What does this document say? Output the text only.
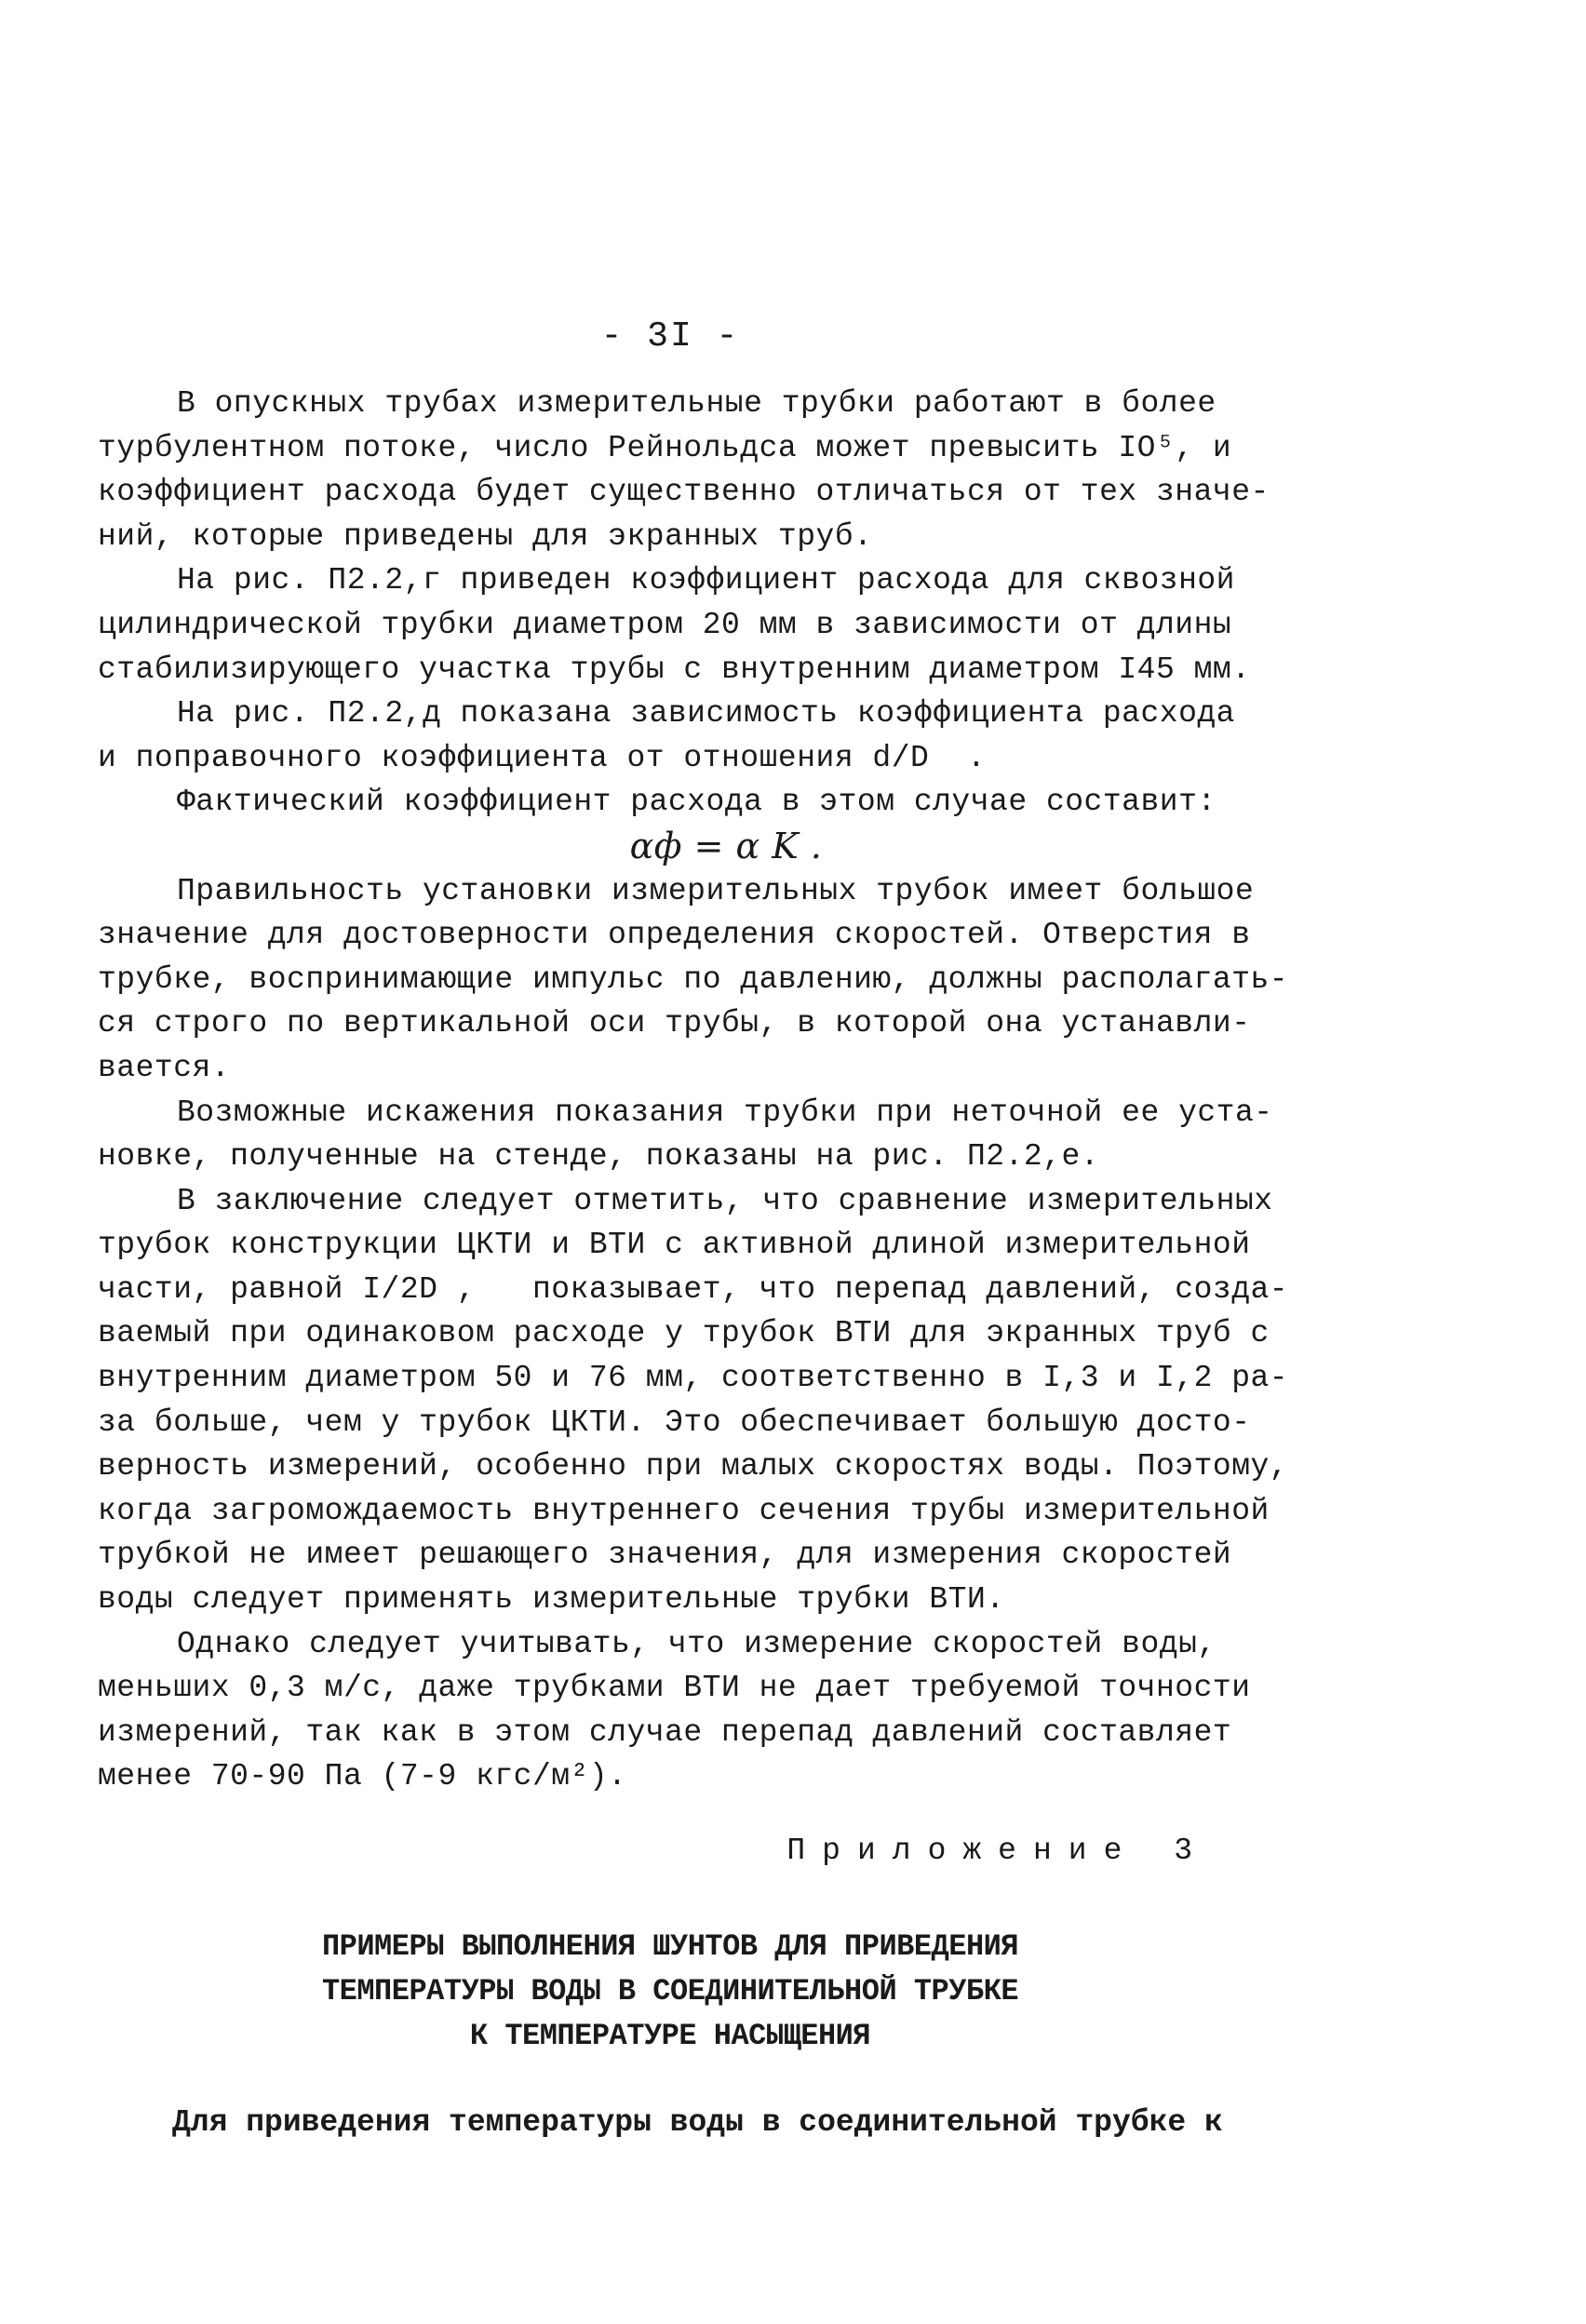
- 3I -
В опускных трубах измерительные трубки работают в более
турбулентном потоке, число Рейнольдса может превысить IO⁵, и
коэффициент расхода будет существенно отличаться от тех значе-
ний, которые приведены для экранных труб.
На рис. П2.2,г приведен коэффициент расхода для сквозной
цилиндрической трубки диаметром 20 мм в зависимости от длины
стабилизирующего участка трубы с внутренним диаметром I45 мм.
На рис. П2.2,д показана зависимость коэффициента расхода
и поправочного коэффициента от отношения d/D  .
Фактический коэффициент расхода в этом случае составит:
αф = α K .
Правильность установки измерительных трубок имеет большое
значение для достоверности определения скоростей. Отверстия в
трубке, воспринимающие импульс по давлению, должны располагать-
ся строго по вертикальной оси трубы, в которой она устанавли-
вается.
Возможные искажения показания трубки при неточной ее уста-
новке, полученные на стенде, показаны на рис. П2.2,е.
В заключение следует отметить, что сравнение измерительных
трубок конструкции ЦКТИ и ВТИ с активной длиной измерительной
части, равной I/2D ,   показывает, что перепад давлений, созда-
ваемый при одинаковом расходе у трубок ВТИ для экранных труб с
внутренним диаметром 50 и 76 мм, соответственно в I,3 и I,2 ра-
за больше, чем у трубок ЦКТИ. Это обеспечивает большую досто-
верность измерений, особенно при малых скоростях воды. Поэтому,
когда загромождаемость внутреннего сечения трубы измерительной
трубкой не имеет решающего значения, для измерения скоростей
воды следует применять измерительные трубки ВТИ.
Однако следует учитывать, что измерение скоростей воды,
меньших 0,3 м/с, даже трубками ВТИ не дает требуемой точности
измерений, так как в этом случае перепад давлений составляет
менее 70-90 Па (7-9 кгс/м²).
Приложение 3
ПРИМЕРЫ ВЫПОЛНЕНИЯ ШУНТОВ ДЛЯ ПРИВЕДЕНИЯ
ТЕМПЕРАТУРЫ ВОДЫ В СОЕДИНИТЕЛЬНОЙ ТРУБКЕ
К ТЕМПЕРАТУРЕ НАСЫЩЕНИЯ
Для приведения температуры воды в соединительной трубке к
